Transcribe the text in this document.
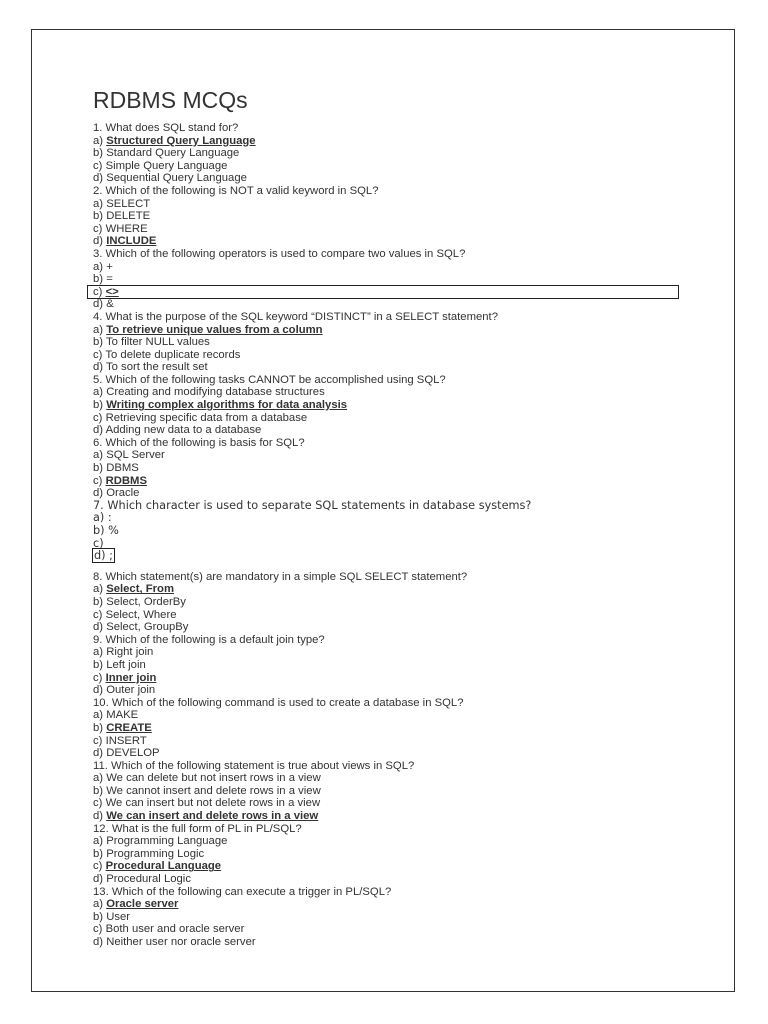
RDBMS MCQs
1. What does SQL stand for?
a) Structured Query Language
b) Standard Query Language
c) Simple Query Language
d) Sequential Query Language
2. Which of the following is NOT a valid keyword in SQL?
a) SELECT
b) DELETE
c) WHERE
d) INCLUDE
3. Which of the following operators is used to compare two values in SQL?
a) +
b) =
c) <>
d) &
4. What is the purpose of the SQL keyword “DISTINCT” in a SELECT statement?
a) To retrieve unique values from a column
b) To filter NULL values
c) To delete duplicate records
d) To sort the result set
5. Which of the following tasks CANNOT be accomplished using SQL?
a) Creating and modifying database structures
b) Writing complex algorithms for data analysis
c) Retrieving specific data from a database
d) Adding new data to a database
6. Which of the following is basis for SQL?
a) SQL Server
b) DBMS
c) RDBMS
d) Oracle
7. Which character is used to separate SQL statements in database systems?
a) :
b) %
c)
d) ;
8. Which statement(s) are mandatory in a simple SQL SELECT statement?
a) Select, From
b) Select, OrderBy
c) Select, Where
d) Select, GroupBy
9. Which of the following is a default join type?
a) Right join
b) Left join
c) Inner join
d) Outer join
10. Which of the following command is used to create a database in SQL?
a) MAKE
b) CREATE
c) INSERT
d) DEVELOP
11. Which of the following statement is true about views in SQL?
a) We can delete but not insert rows in a view
b) We cannot insert and delete rows in a view
c) We can insert but not delete rows in a view
d) We can insert and delete rows in a view
12. What is the full form of PL in PL/SQL?
a) Programming Language
b) Programming Logic
c) Procedural Language
d) Procedural Logic
13. Which of the following can execute a trigger in PL/SQL?
a) Oracle server
b) User
c) Both user and oracle server
d) Neither user nor oracle server
